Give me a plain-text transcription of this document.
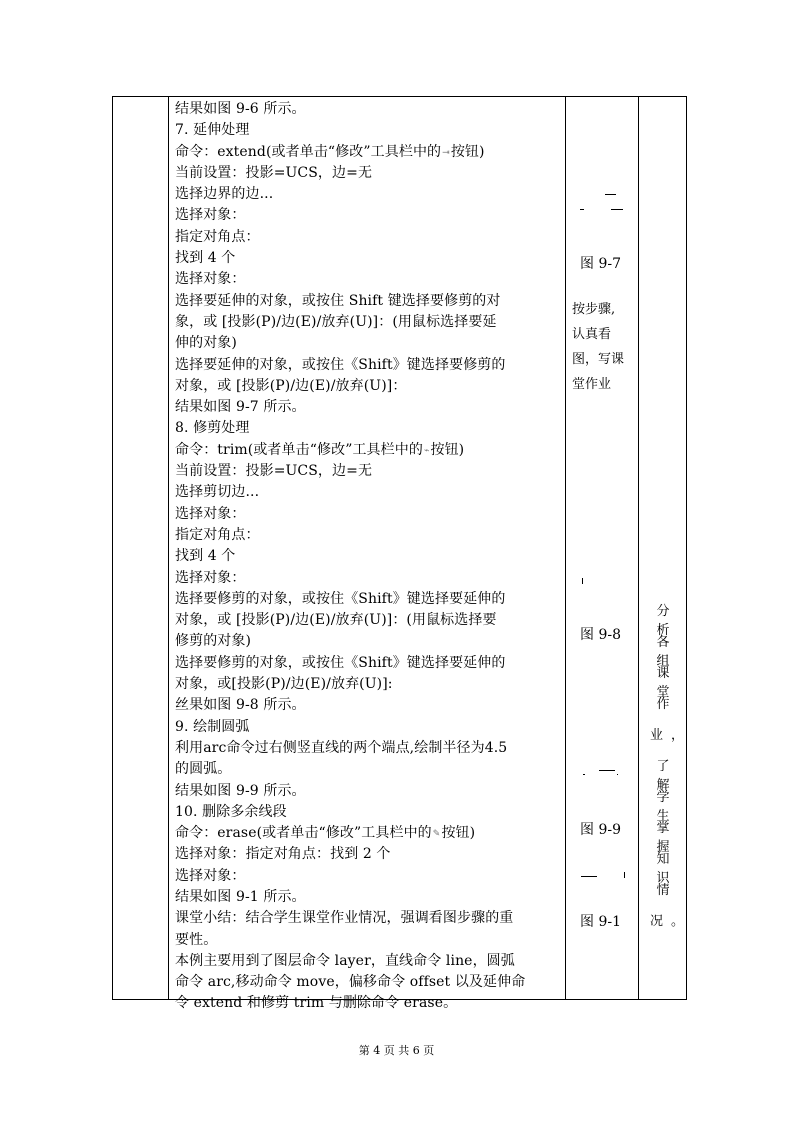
结果如图 9-6 所示。
7. 延伸处理
命令：extend(或者单击“修改”工具栏中的⇥按钮)
当前设置：投影=UCS，边=无
选择边界的边...
选择对象：
指定对角点：
找到 4 个
选择对象：
选择要延伸的对象，或按住 Shift 键选择要修剪的对
象，或 [投影(P)/边(E)/放弃(U)]：(用鼠标选择要延
伸的对象)
选择要延伸的对象，或按住《Shift》键选择要修剪的
对象，或 [投影(P)/边(E)/放弃(U)]：
结果如图 9-7 所示。
8. 修剪处理
命令：trim(或者单击“修改”工具栏中的⌁按钮)
当前设置：投影=UCS，边=无
选择剪切边...
选择对象：
指定对角点：
找到 4 个
选择对象：
选择要修剪的对象，或按住《Shift》键选择要延伸的
对象，或 [投影(P)/边(E)/放弃(U)]：(用鼠标选择要
修剪的对象)
选择要修剪的对象，或按住《Shift》键选择要延伸的
对象，或[投影(P)/边(E)/放弃(U)]:
丝果如图 9-8 所示。
9. 绘制圆弧
利用arc命令过右侧竖直线的两个端点,绘制半径为4.5
的圆弧。
结果如图 9-9 所示。
10. 删除多余线段
命令：erase(或者单击“修改”工具栏中的✎按钮)
选择对象：指定对角点：找到 2 个
选择对象：
结果如图 9-1 所示。
课堂小结：结合学生课堂作业情况，强调看图步骤的重
要性。
本例主要用到了图层命令 layer，直线命令 line，圆弧
命令 arc,移动命令 move，偏移命令 offset 以及延伸命
令 extend 和修剪 trim 与删除命令 erase。
图 9-7
按步骤,
认真看
图，写课
堂作业
图 9-8
图 9-9
图 9-1
分析
各组
课堂
作
业，
了解
学生
掌握
知识
情
况。
第 4 页 共 6 页
